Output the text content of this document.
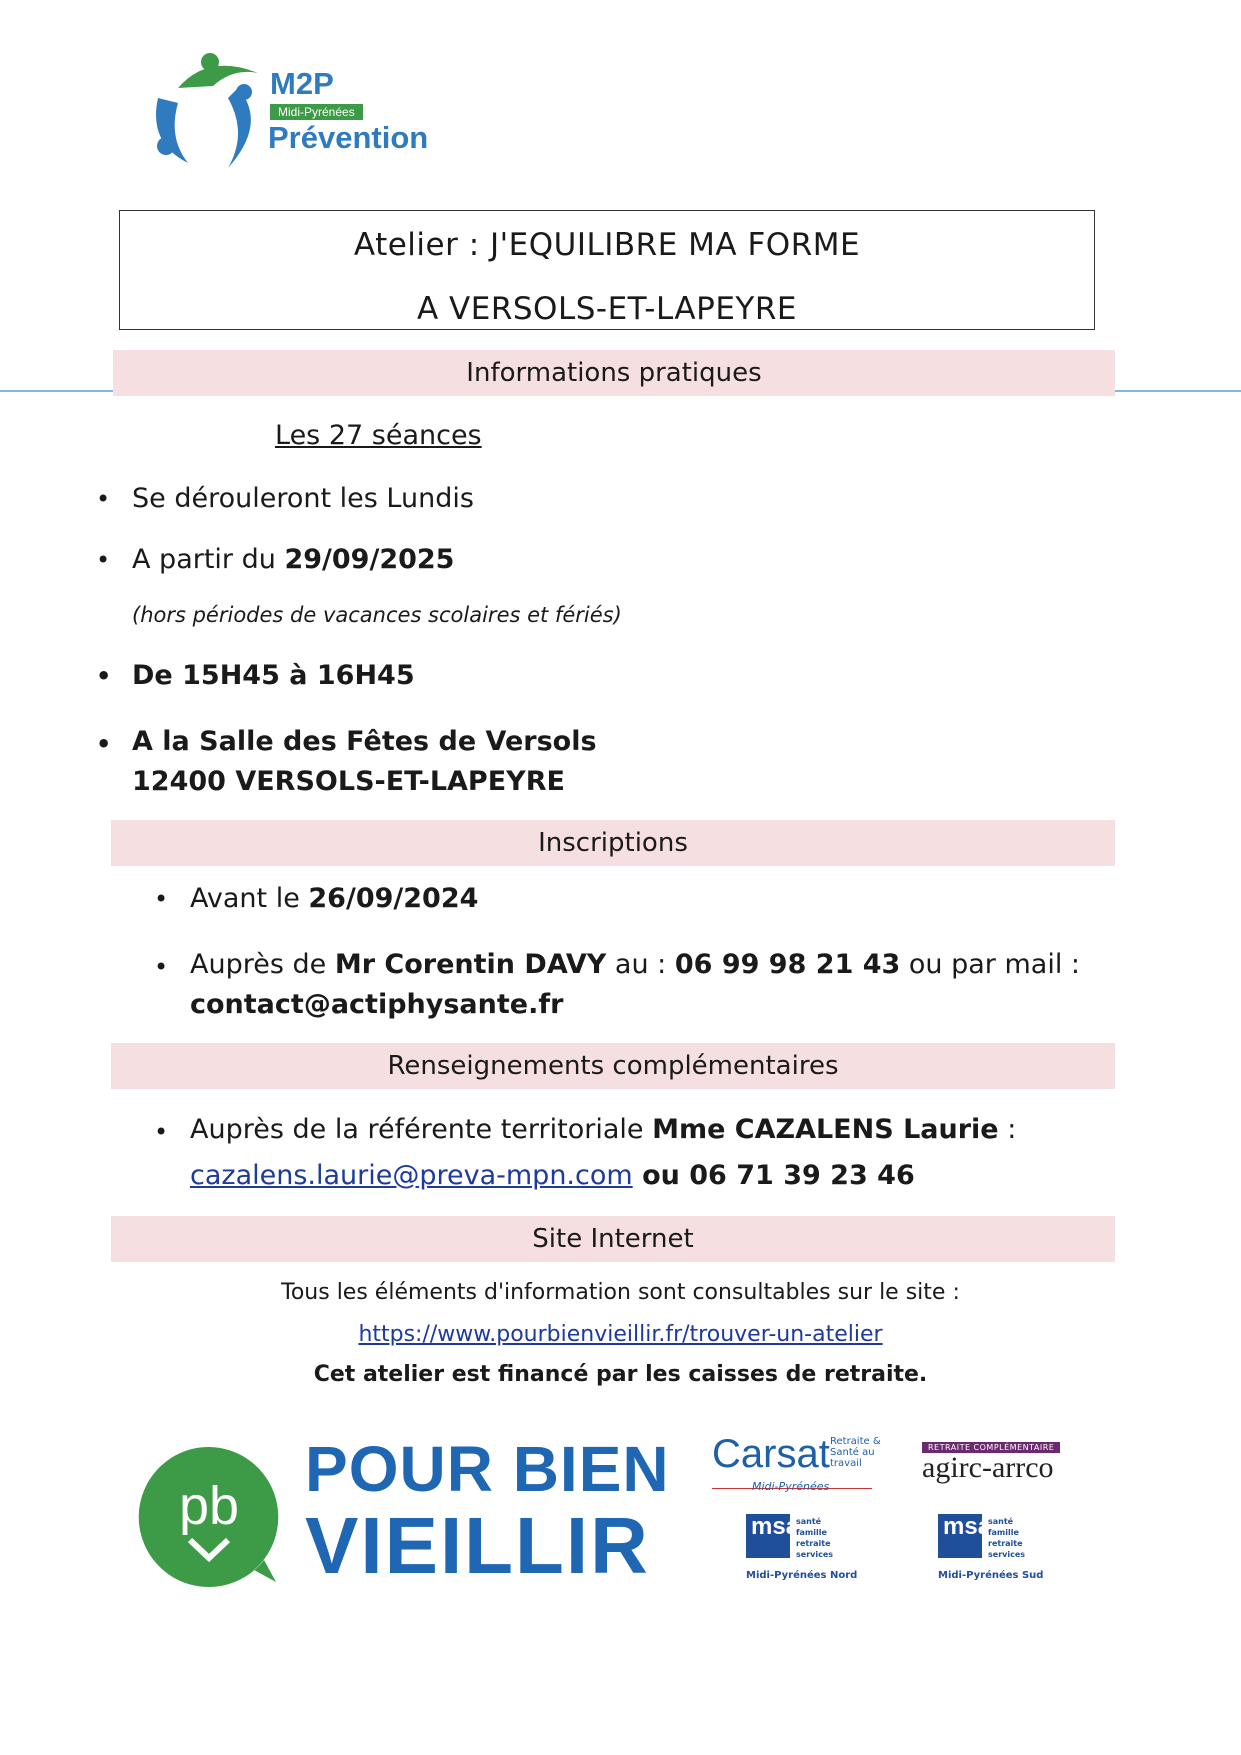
M2P
Midi-Pyrénées
Prévention
Atelier : J'EQUILIBRE MA FORME
A VERSOLS-ET-LAPEYRE
Informations pratiques
Les 27 séances
• Se dérouleront les Lundis
• A partir du 29/09/2025
(hors périodes de vacances scolaires et fériés)
• De 15H45 à 16H45
• A la Salle des Fêtes de Versols
12400 VERSOLS-ET-LAPEYRE
Inscriptions
• Avant le 26/09/2024
• Auprès de Mr Corentin DAVY au : 06 99 98 21 43 ou par mail :
contact@actiphysante.fr
Renseignements complémentaires
• Auprès de la référente territoriale Mme CAZALENS Laurie :
cazalens.laurie@preva-mpn.com ou 06 71 39 23 46
Site Internet
Tous les éléments d'information sont consultables sur le site :
https://www.pourbienvieillir.fr/trouver-un-atelier
Cet atelier est financé par les caisses de retraite.
pb
POUR BIEN
VIEILLIR
Carsat Retraite & Santé au travail
Midi-Pyrénées
RETRAITE COMPLÉMENTAIRE
agirc-arrco
msa
santé
famille
retraite
services
Midi-Pyrénées Nord
msa
santé
famille
retraite
services
Midi-Pyrénées Sud
